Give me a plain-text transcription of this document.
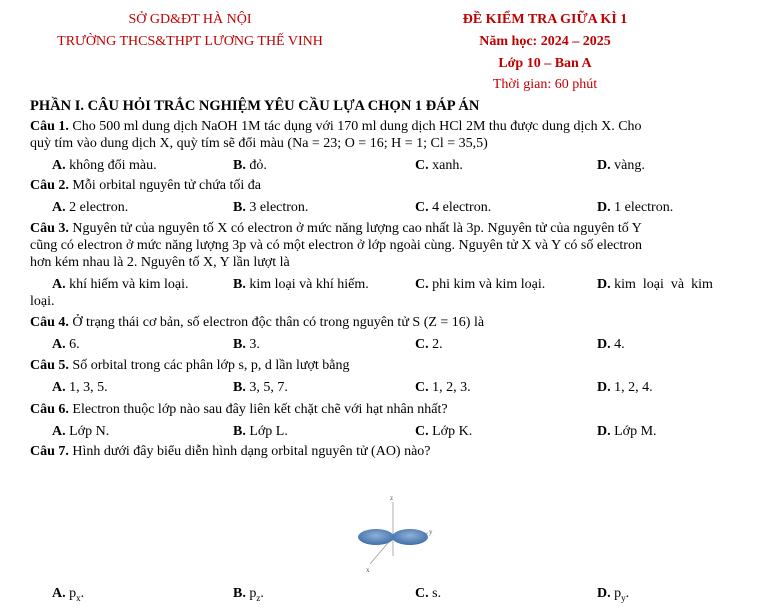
SỞ GD&ĐT HÀ NỘI
TRƯỜNG THCS&THPT LƯƠNG THẾ VINH
ĐỀ KIỂM TRA GIỮA KÌ 1
Năm học: 2024 – 2025
Lớp 10 – Ban A
Thời gian: 60 phút
PHẦN I. CÂU HỎI TRẮC NGHIỆM YÊU CẦU LỰA CHỌN 1 ĐÁP ÁN
Câu 1. Cho 500 ml dung dịch NaOH 1M tác dụng với 170 ml dung dịch HCl 2M thu được dung dịch X. Cho
quỳ tím vào dung dịch X, quỳ tím sẽ đổi màu (Na = 23; O = 16; H = 1; Cl = 35,5)
A. không đổi màu.	B. đỏ.	C. xanh.	D. vàng.
Câu 2. Mỗi orbital nguyên tử chứa tối đa
A. 2 electron.	B. 3 electron.	C. 4 electron.	D. 1 electron.
Câu 3. Nguyên tử của nguyên tố X có electron ở mức năng lượng cao nhất là 3p. Nguyên tử của nguyên tố Y
cũng có electron ở mức năng lượng 3p và có một electron ở lớp ngoài cùng. Nguyên tử X và Y có số electron
hơn kém nhau là 2. Nguyên tố X, Y lần lượt là
A. khí hiếm và kim loại.	B. kim loại và khí hiếm.	C. phi kim và kim loại.	D. kim  loại  và  kim
loại.
Câu 4. Ở trạng thái cơ bản, số electron độc thân có trong nguyên tử S (Z = 16) là
A. 6.	B. 3.	C. 2.	D. 4.
Câu 5. Số orbital trong các phân lớp s, p, d lần lượt bằng
A. 1, 3, 5.	B. 3, 5, 7.	C. 1, 2, 3.	D. 1, 2, 4.
Câu 6. Electron thuộc lớp nào sau đây liên kết chặt chẽ với hạt nhân nhất?
A. Lớp N.	B. Lớp L.	C. Lớp K.	D. Lớp M.
Câu 7. Hình dưới đây biểu diễn hình dạng orbital nguyên tử (AO) nào?
z
y
x
A. $p_x$.	B. $p_z$.	C. s.	D. $p_y$.
